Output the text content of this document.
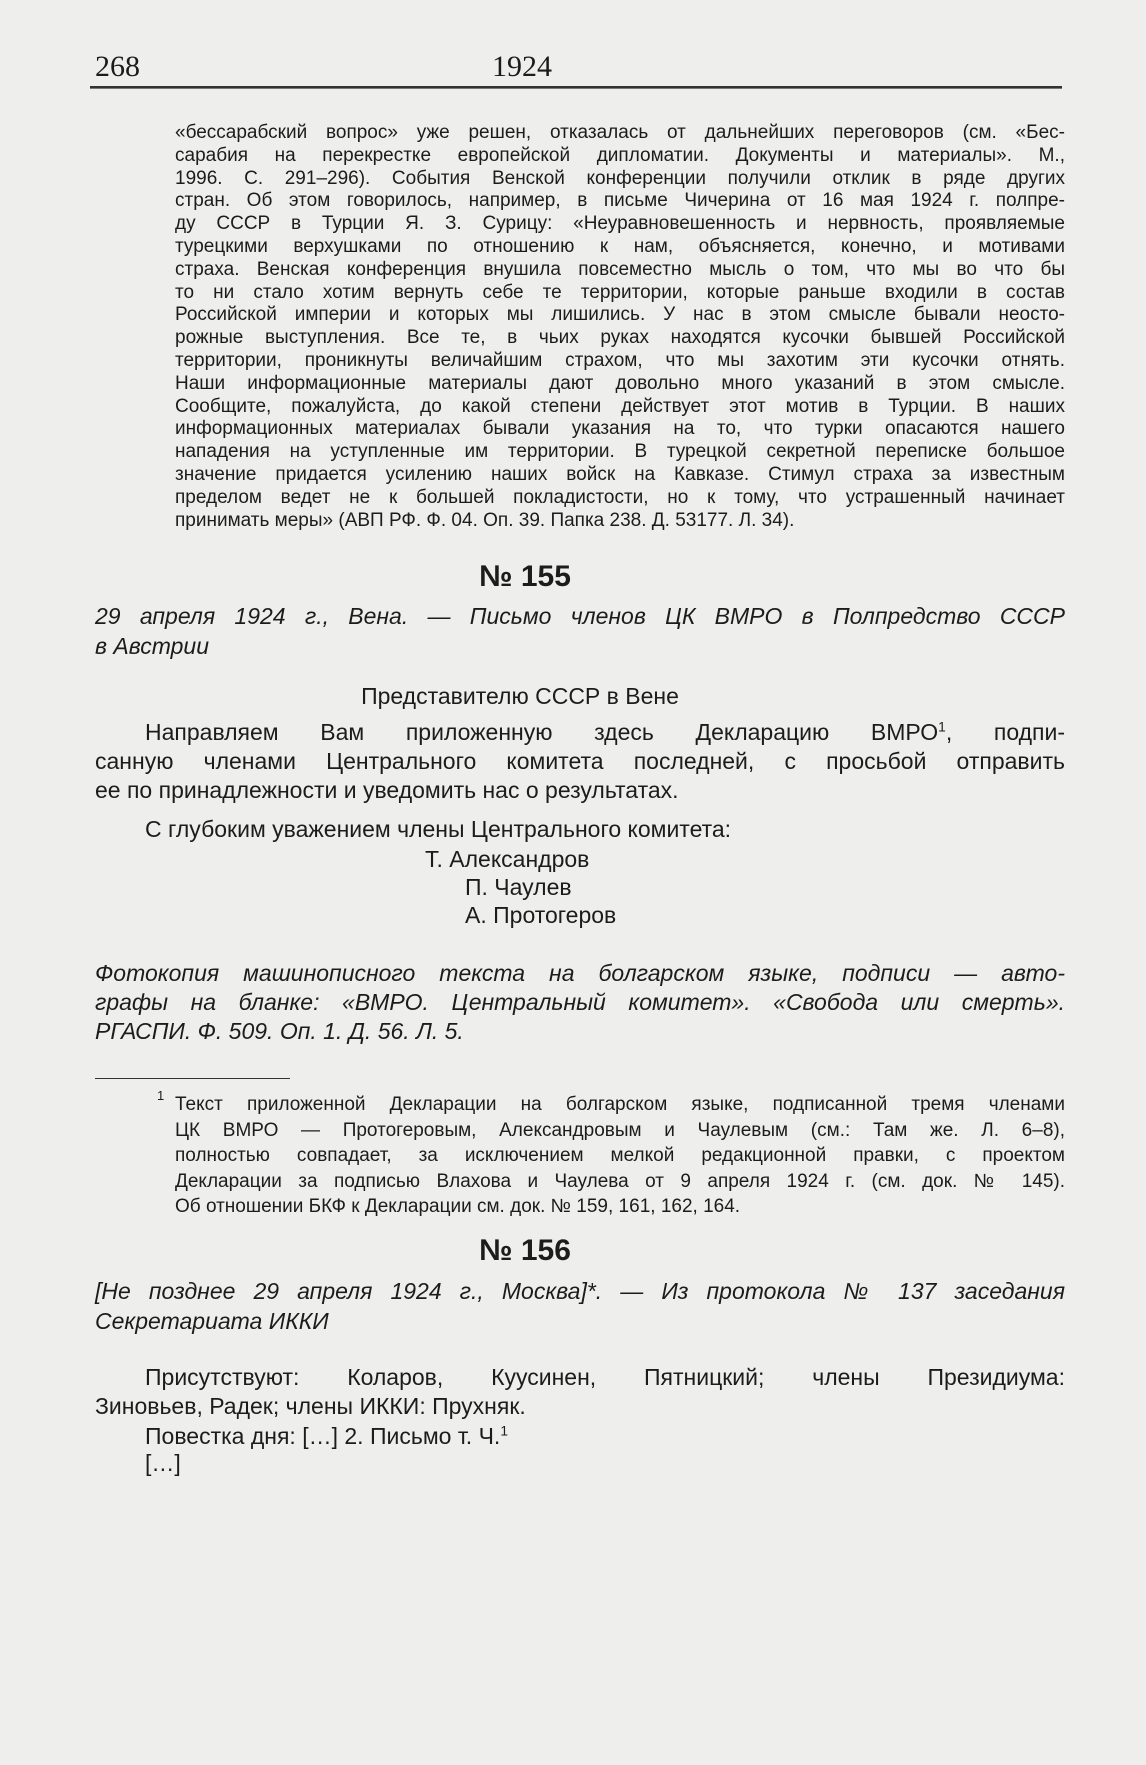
268	1924
«бессарабский вопрос» уже решен, отказалась от дальнейших переговоров (см. «Бес-
сарабия на перекрестке европейской дипломатии. Документы и материалы». М.,
1996. С. 291–296). События Венской конференции получили отклик в ряде других
стран. Об этом говорилось, например, в письме Чичерина от 16 мая 1924 г. полпре-
ду СССР в Турции Я. З. Сурицу: «Неуравновешенность и нервность, проявляемые
турецкими верхушками по отношению к нам, объясняется, конечно, и мотивами
страха. Венская конференция внушила повсеместно мысль о том, что мы во что бы
то ни стало хотим вернуть себе те территории, которые раньше входили в состав
Российской империи и которых мы лишились. У нас в этом смысле бывали неосто-
рожные выступления. Все те, в чьих руках находятся кусочки бывшей Российской
территории, проникнуты величайшим страхом, что мы захотим эти кусочки отнять.
Наши информационные материалы дают довольно много указаний в этом смысле.
Сообщите, пожалуйста, до какой степени действует этот мотив в Турции. В наших
информационных материалах бывали указания на то, что турки опасаются нашего
нападения на уступленные им территории. В турецкой секретной переписке большое
значение придается усилению наших войск на Кавказе. Стимул страха за известным
пределом ведет не к большей покладистости, но к тому, что устрашенный начинает
принимать меры» (АВП РФ. Ф. 04. Оп. 39. Папка 238. Д. 53177. Л. 34).
№ 155
29 апреля 1924 г., Вена. — Письмо членов ЦК ВМРО в Полпредство СССР
в Австрии
Представителю СССР в Вене
Направляем Вам приложенную здесь Декларацию ВМРО$^1$, подпи-
санную членами Центрального комитета последней, с просьбой отправить
ее по принадлежности и уведомить нас о результатах.
С глубоким уважением члены Центрального комитета:
Т. Александров
П. Чаулев
А. Протогеров
Фотокопия машинописного текста на болгарском языке, подписи — авто-
графы на бланке: «ВМРО. Центральный комитет». «Свобода или смерть».
РГАСПИ. Ф. 509. Оп. 1. Д. 56. Л. 5.
1 Текст приложенной Декларации на болгарском языке, подписанной тремя членами
ЦК ВМРО — Протогеровым, Александровым и Чаулевым (см.: Там же. Л. 6–8),
полностью совпадает, за исключением мелкой редакционной правки, с проектом
Декларации за подписью Влахова и Чаулева от 9 апреля 1924 г. (см. док. № 145).
Об отношении БКФ к Декларации см. док. № 159, 161, 162, 164.
№ 156
[Не позднее 29 апреля 1924 г., Москва]*. — Из протокола № 137 заседания
Секретариата ИККИ
Присутствуют: Коларов, Куусинен, Пятницкий; члены Президиума:
Зиновьев, Радек; члены ИККИ: Прухняк.
Повестка дня: […] 2. Письмо т. Ч.$^1$
[…]
